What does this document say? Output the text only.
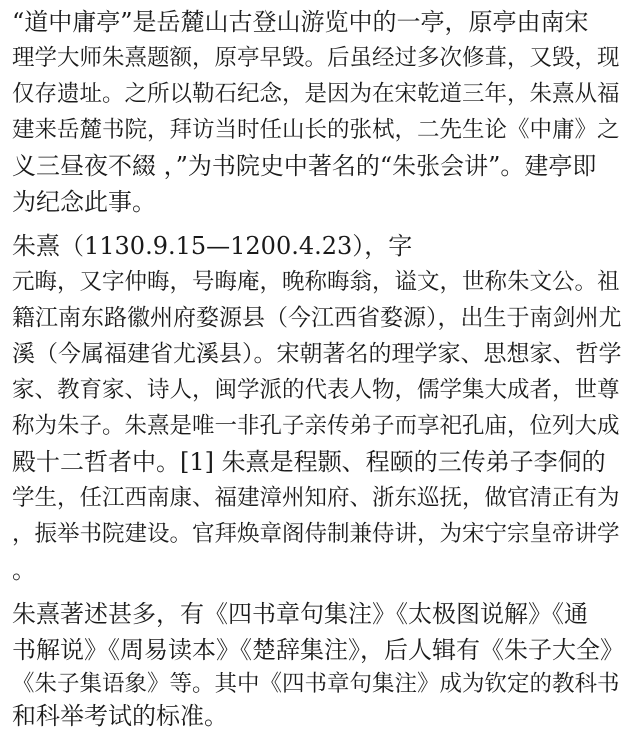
“道中庸亭”是岳麓山古登山游览中的一亭，原亭由南宋
理学大师朱熹题额，原亭早毁。后虽经过多次修葺，又毁，现
仅存遗址。之所以勒石纪念，是因为在宋乾道三年，朱熹从福
建来岳麓书院，拜访当时任山长的张栻，二先生论《中庸》之
义三昼夜不綴 ，”为书院史中著名的“朱张会讲”。建亭即
为纪念此事。
朱熹（1130.9.15—1200.4.23），字
元晦，又字仲晦，号晦庵，晚称晦翁，谥文，世称朱文公。祖
籍江南东路徽州府婺源县（今江西省婺源），出生于南剑州尤
溪（今属福建省尤溪县）。宋朝著名的理学家、思想家、哲学
家、教育家、诗人，闽学派的代表人物，儒学集大成者，世尊
称为朱子。朱熹是唯一非孔子亲传弟子而享祀孔庙，位列大成
殿十二哲者中。[1] 朱熹是程颢、程颐的三传弟子李侗的
学生，任江西南康、福建漳州知府、浙东巡抚，做官清正有为
，振举书院建设。官拜焕章阁侍制兼侍讲，为宋宁宗皇帝讲学
。
朱熹著述甚多，有《四书章句集注》《太极图说解》《通
书解说》《周易读本》《楚辞集注》，后人辑有《朱子大全》
《朱子集语象》等。其中《四书章句集注》成为钦定的教科书
和科举考试的标准。
